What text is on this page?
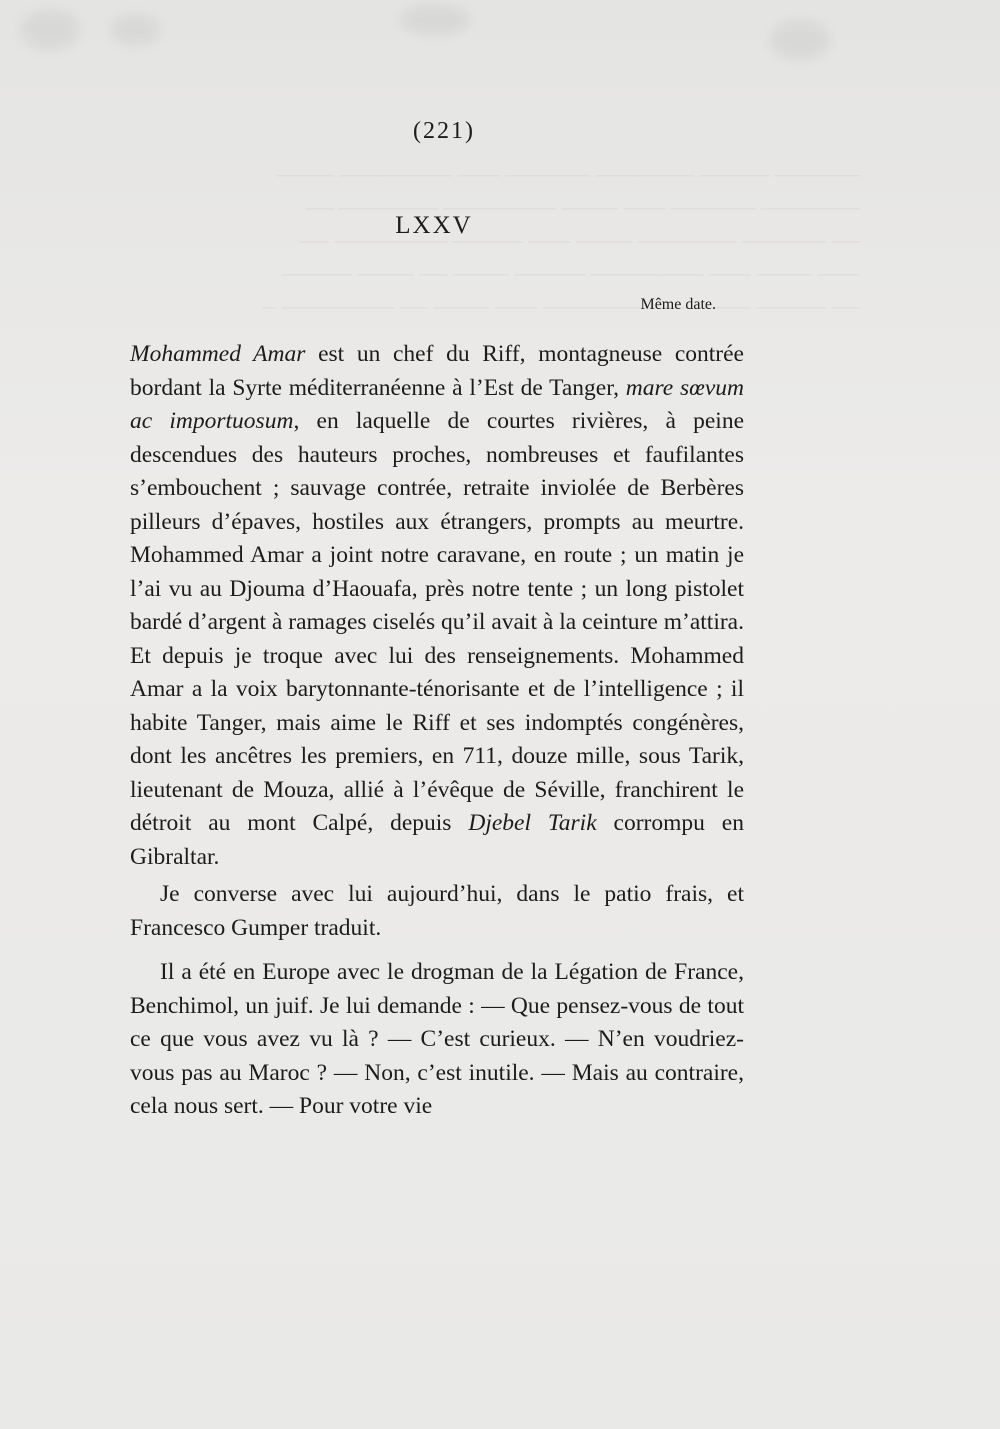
(221)
LXXV
Même date.

Mohammed Amar est un chef du Riff, montagneuse contrée bordant la Syrte méditerranéenne à l’Est de Tanger, mare sœvum ac importuosum, en laquelle de courtes rivières, à peine descendues des hauteurs proches, nombreuses et faufilantes s’embouchent ; sauvage contrée, retraite inviolée de Berbères pilleurs d’épaves, hostiles aux étrangers, prompts au meurtre. Mohammed Amar a joint notre caravane, en route ; un matin je l’ai vu au Djouma d’Haouafa, près notre tente ; un long pistolet bardé d’argent à ramages ciselés qu’il avait à la ceinture m’attira. Et depuis je troque avec lui des renseignements. Mohammed Amar a la voix barytonnante-ténorisante et de l’intelligence ; il habite Tanger, mais aime le Riff et ses indomptés congénères, dont les ancêtres les premiers, en 711, douze mille, sous Tarik, lieutenant de Mouza, allié à l’évêque de Séville, franchirent le détroit au mont Calpé, depuis Djebel Tarik corrompu en Gibraltar.

Je converse avec lui aujourd’hui, dans le patio frais, et Francesco Gumper traduit.

Il a été en Europe avec le drogman de la Légation de France, Benchimol, un juif. Je lui demande : — Que pensez-vous de tout ce que vous avez vu là ? — C’est curieux. — N’en voudriez-vous pas au Maroc ? — Non, c’est inutile. — Mais au contraire, cela nous sert. — Pour votre vie
